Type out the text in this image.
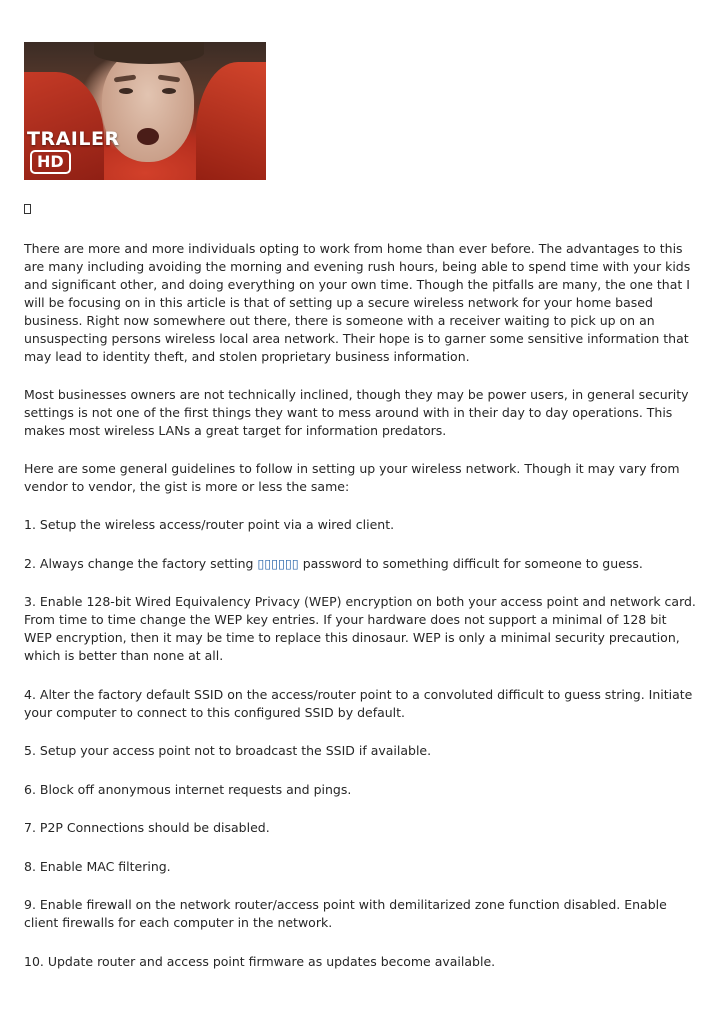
TRAILER
HD

There are more and more individuals opting to work from home than ever before. The advantages to this are many including avoiding the morning and evening rush hours, being able to spend time with your kids and significant other, and doing everything on your own time. Though the pitfalls are many, the one that I will be focusing on in this article is that of setting up a secure wireless network for your home based business. Right now somewhere out there, there is someone with a receiver waiting to pick up on an unsuspecting persons wireless local area network. Their hope is to garner some sensitive information that may lead to identity theft, and stolen proprietary business information.

Most businesses owners are not technically inclined, though they may be power users, in general security settings is not one of the first things they want to mess around with in their day to day operations. This makes most wireless LANs a great target for information predators.

Here are some general guidelines to follow in setting up your wireless network. Though it may vary from vendor to vendor, the gist is more or less the same:

1. Setup the wireless access/router point via a wired client.

2. Always change the factory setting ▯▯▯▯▯▯ password to something difficult for someone to guess.

3. Enable 128-bit Wired Equivalency Privacy (WEP) encryption on both your access point and network card. From time to time change the WEP key entries. If your hardware does not support a minimal of 128 bit WEP encryption, then it may be time to replace this dinosaur. WEP is only a minimal security precaution, which is better than none at all.

4. Alter the factory default SSID on the access/router point to a convoluted difficult to guess string. Initiate your computer to connect to this configured SSID by default.

5. Setup your access point not to broadcast the SSID if available.

6. Block off anonymous internet requests and pings.

7. P2P Connections should be disabled.

8. Enable MAC filtering.

9. Enable firewall on the network router/access point with demilitarized zone function disabled. Enable client firewalls for each computer in the network.

10. Update router and access point firmware as updates become available.
